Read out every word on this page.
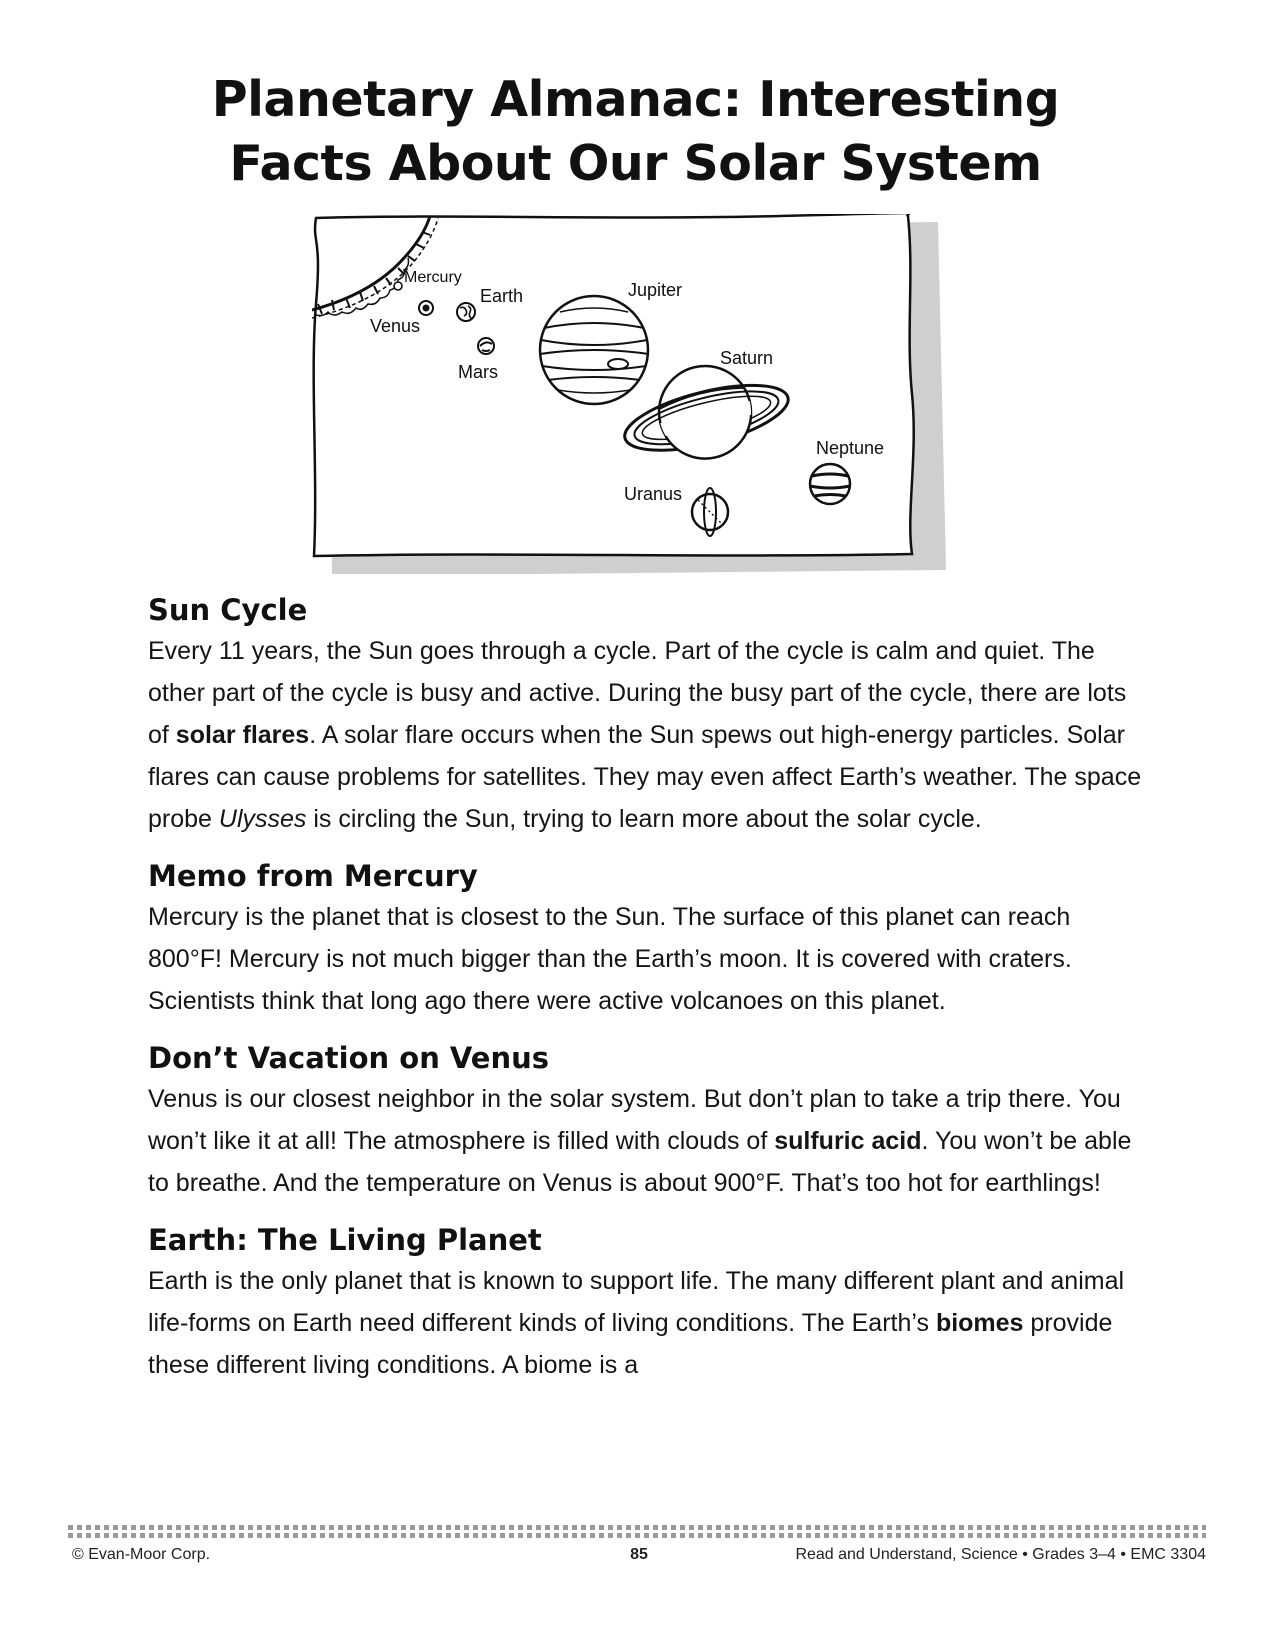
Planetary Almanac: Interesting
Facts About Our Solar System
Mercury
Venus
Earth
Mars
Jupiter
Saturn
Uranus
Neptune
Sun Cycle

Every 11 years, the Sun goes through a cycle. Part of the cycle is calm and quiet. The other part of the cycle is busy and active. During the busy part of the cycle, there are lots of solar flares. A solar flare occurs when the Sun spews out high-energy particles. Solar flares can cause problems for satellites. They may even affect Earth’s weather. The space probe Ulysses is circling the Sun, trying to learn more about the solar cycle.

Memo from Mercury

Mercury is the planet that is closest to the Sun. The surface of this planet can reach 800°F! Mercury is not much bigger than the Earth’s moon. It is covered with craters. Scientists think that long ago there were active volcanoes on this planet.

Don’t Vacation on Venus

Venus is our closest neighbor in the solar system. But don’t plan to take a trip there. You won’t like it at all! The atmosphere is filled with clouds of sulfuric acid. You won’t be able to breathe. And the temperature on Venus is about 900°F. That’s too hot for earthlings!

Earth: The Living Planet

Earth is the only planet that is known to support life. The many different plant and animal life-forms on Earth need different kinds of living conditions. The Earth’s biomes provide these different living conditions. A biome is a

© Evan-Moor Corp.	85	Read and Understand, Science • Grades 3–4 • EMC 3304
